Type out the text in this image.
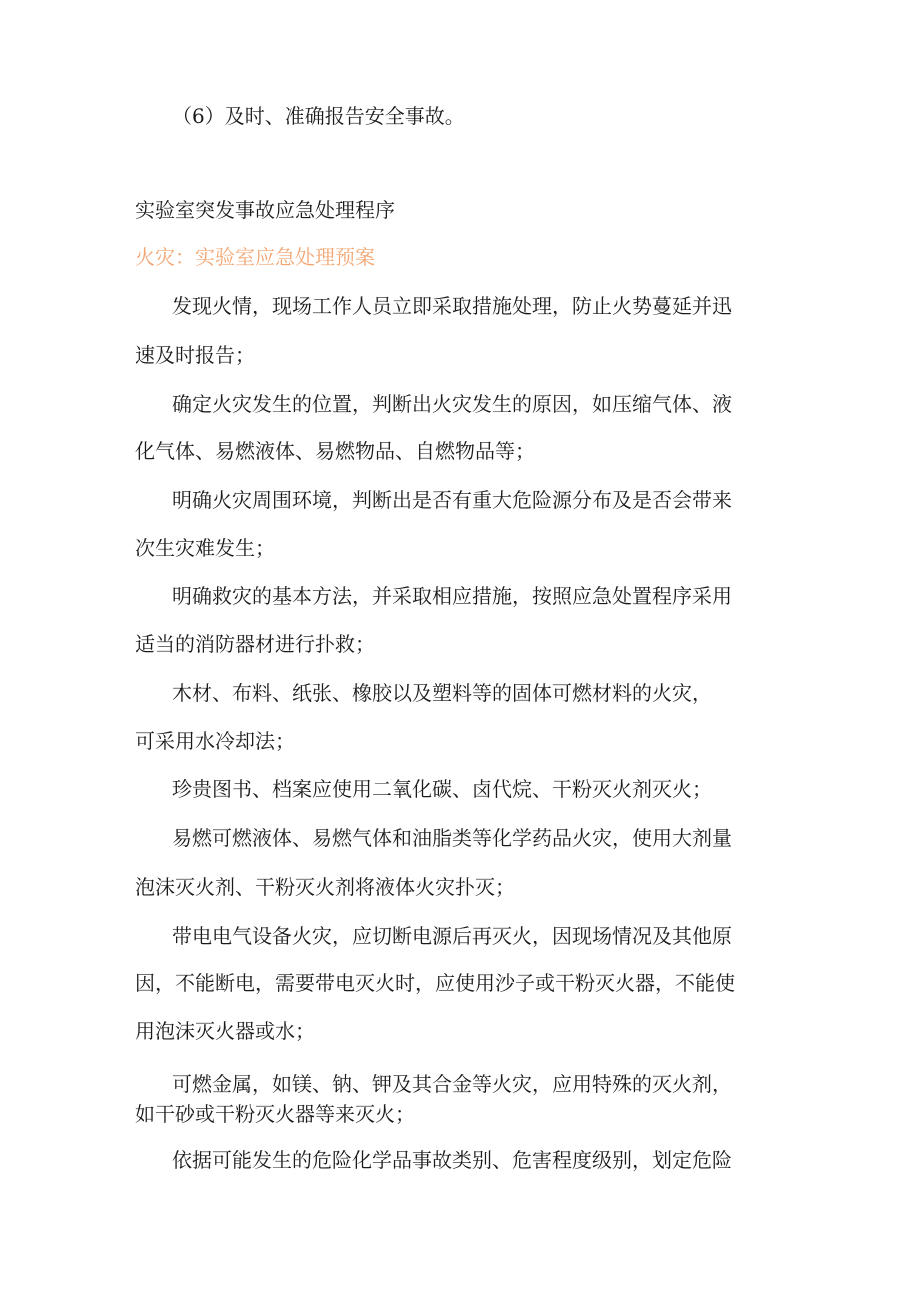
（6）及时、准确报告安全事故。
实验室突发事故应急处理程序
火灾：实验室应急处理预案
发现火情，现场工作人员立即采取措施处理，防止火势蔓延并迅
速及时报告；
确定火灾发生的位置，判断出火灾发生的原因，如压缩气体、液
化气体、易燃液体、易燃物品、自燃物品等；
明确火灾周围环境，判断出是否有重大危险源分布及是否会带来
次生灾难发生；
明确救灾的基本方法，并采取相应措施，按照应急处置程序采用
适当的消防器材进行扑救；
木材、布料、纸张、橡胶以及塑料等的固体可燃材料的火灾，
可采用水冷却法；
珍贵图书、档案应使用二氧化碳、卤代烷、干粉灭火剂灭火；
易燃可燃液体、易燃气体和油脂类等化学药品火灾，使用大剂量
泡沫灭火剂、干粉灭火剂将液体火灾扑灭；
带电电气设备火灾，应切断电源后再灭火，因现场情况及其他原
因，不能断电，需要带电灭火时，应使用沙子或干粉灭火器，不能使
用泡沫灭火器或水；
可燃金属，如镁、钠、钾及其合金等火灾，应用特殊的灭火剂，
如干砂或干粉灭火器等来灭火；
依据可能发生的危险化学品事故类别、危害程度级别，划定危险
